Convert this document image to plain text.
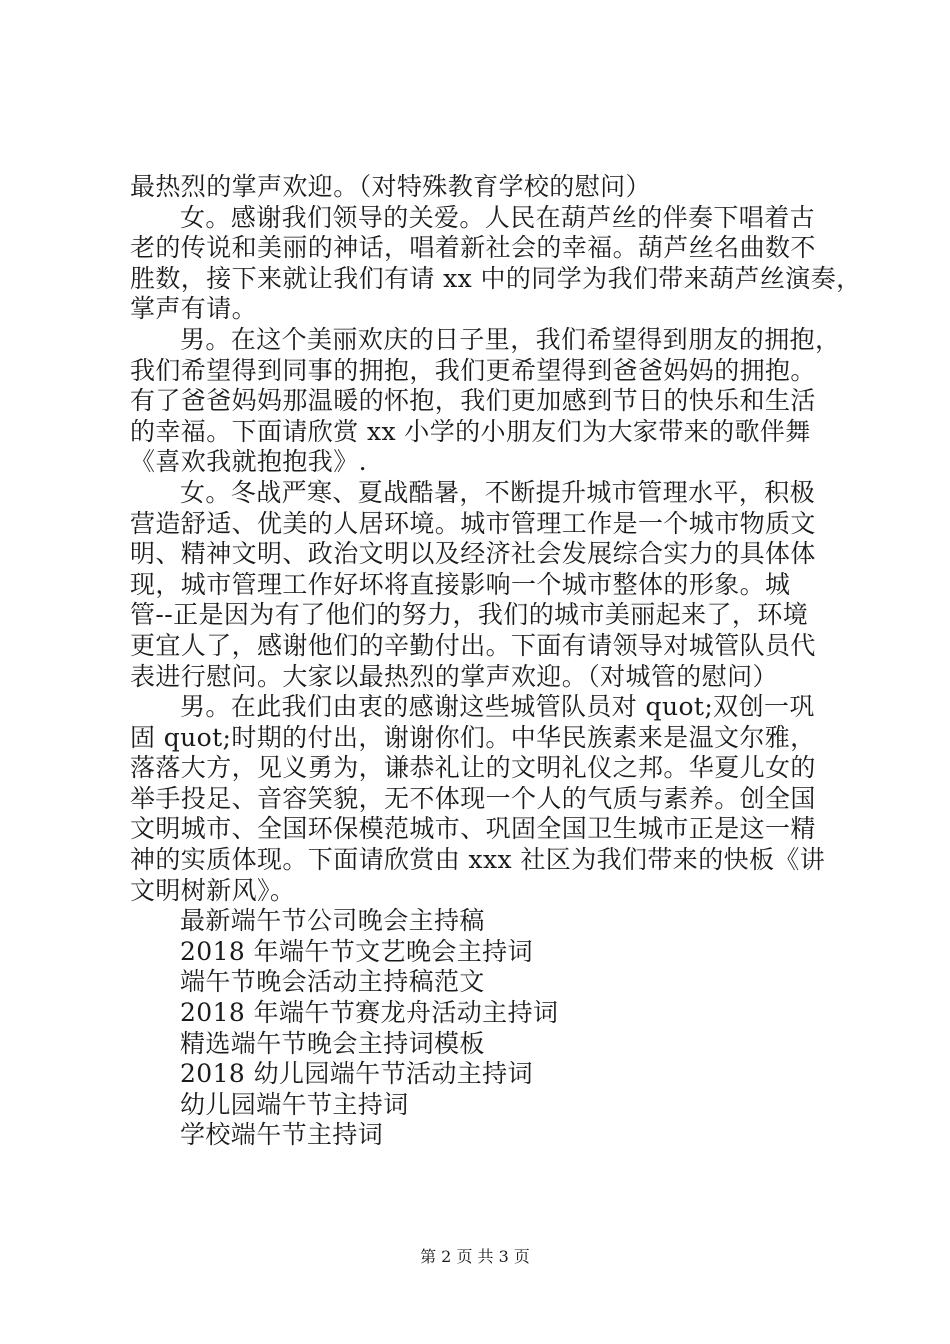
最热烈的掌声欢迎。（对特殊教育学校的慰问）
女。感谢我们领导的关爱。人民在葫芦丝的伴奏下唱着古
老的传说和美丽的神话，唱着新社会的幸福。葫芦丝名曲数不
胜数，接下来就让我们有请 xx 中的同学为我们带来葫芦丝演奏，
掌声有请。
男。在这个美丽欢庆的日子里，我们希望得到朋友的拥抱，
我们希望得到同事的拥抱，我们更希望得到爸爸妈妈的拥抱。
有了爸爸妈妈那温暖的怀抱，我们更加感到节日的快乐和生活
的幸福。下面请欣赏 xx 小学的小朋友们为大家带来的歌伴舞
《喜欢我就抱抱我》.
女。冬战严寒、夏战酷暑，不断提升城市管理水平，积极
营造舒适、优美的人居环境。城市管理工作是一个城市物质文
明、精神文明、政治文明以及经济社会发展综合实力的具体体
现，城市管理工作好坏将直接影响一个城市整体的形象。城
管--正是因为有了他们的努力，我们的城市美丽起来了，环境
更宜人了，感谢他们的辛勤付出。下面有请领导对城管队员代
表进行慰问。大家以最热烈的掌声欢迎。（对城管的慰问）
男。在此我们由衷的感谢这些城管队员对 quot;双创一巩
固 quot;时期的付出，谢谢你们。中华民族素来是温文尔雅，
落落大方，见义勇为，谦恭礼让的文明礼仪之邦。华夏儿女的
举手投足、音容笑貌，无不体现一个人的气质与素养。创全国
文明城市、全国环保模范城市、巩固全国卫生城市正是这一精
神的实质体现。下面请欣赏由 xxx 社区为我们带来的快板《讲
文明树新风》。
最新端午节公司晚会主持稿
2018 年端午节文艺晚会主持词
端午节晚会活动主持稿范文
2018 年端午节赛龙舟活动主持词
精选端午节晚会主持词模板
2018 幼儿园端午节活动主持词
幼儿园端午节主持词
学校端午节主持词
第 2 页 共 3 页
